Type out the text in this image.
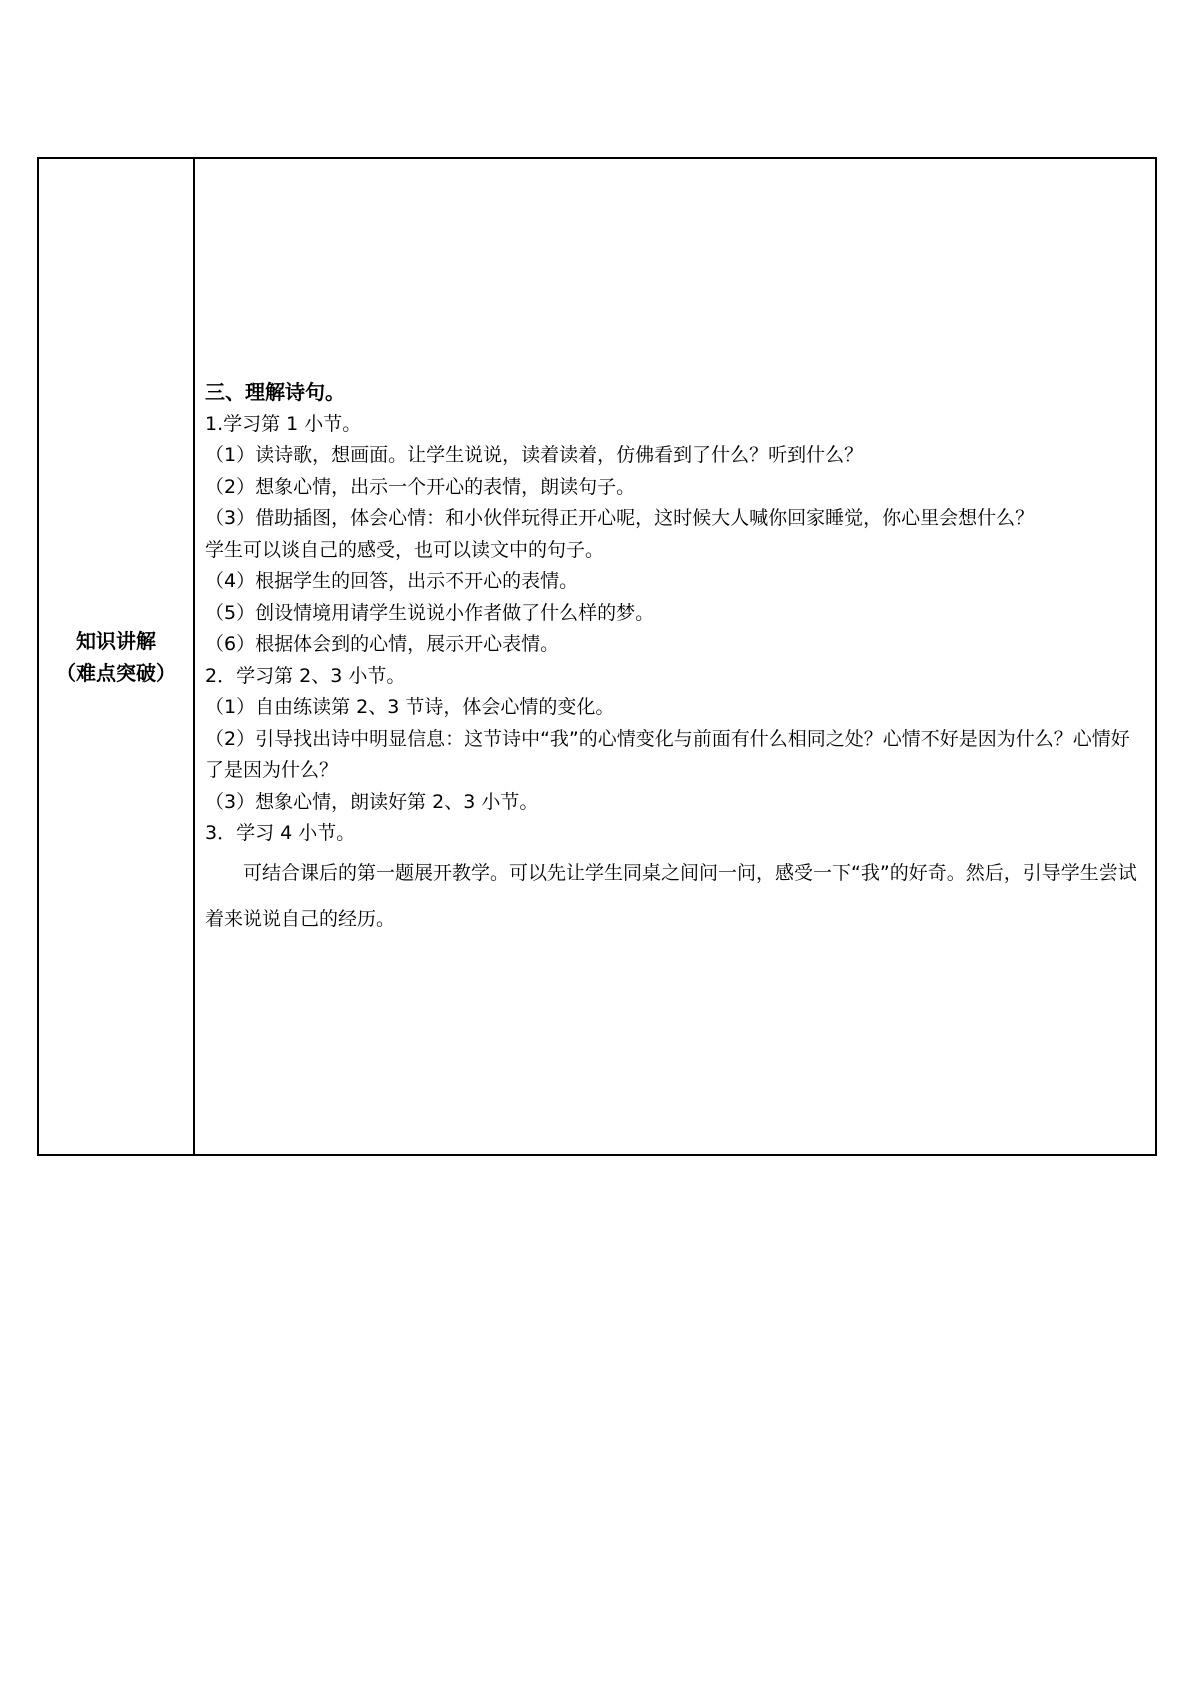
知识讲解
（难点突破）

三、理解诗句。

1.学习第 1 小节。

（1）读诗歌，想画面。让学生说说，读着读着，仿佛看到了什么？听到什么？

（2）想象心情，出示一个开心的表情，朗读句子。

（3）借助插图，体会心情：和小伙伴玩得正开心呢，这时候大人喊你回家睡觉，你心里会想什么？

学生可以谈自己的感受，也可以读文中的句子。

（4）根据学生的回答，出示不开心的表情。

（5）创设情境用请学生说说小作者做了什么样的梦。

（6）根据体会到的心情，展示开心表情。

2．学习第 2、3 小节。

（1）自由练读第 2、3 节诗，体会心情的变化。

（2）引导找出诗中明显信息：这节诗中“我”的心情变化与前面有什么相同之处？心情不好是因为什么？心情好了是因为什么？

（3）想象心情，朗读好第 2、3 小节。

3．学习 4 小节。

可结合课后的第一题展开教学。可以先让学生同桌之间问一问，感受一下“我”的好奇。然后，引导学生尝试着来说说自己的经历。
